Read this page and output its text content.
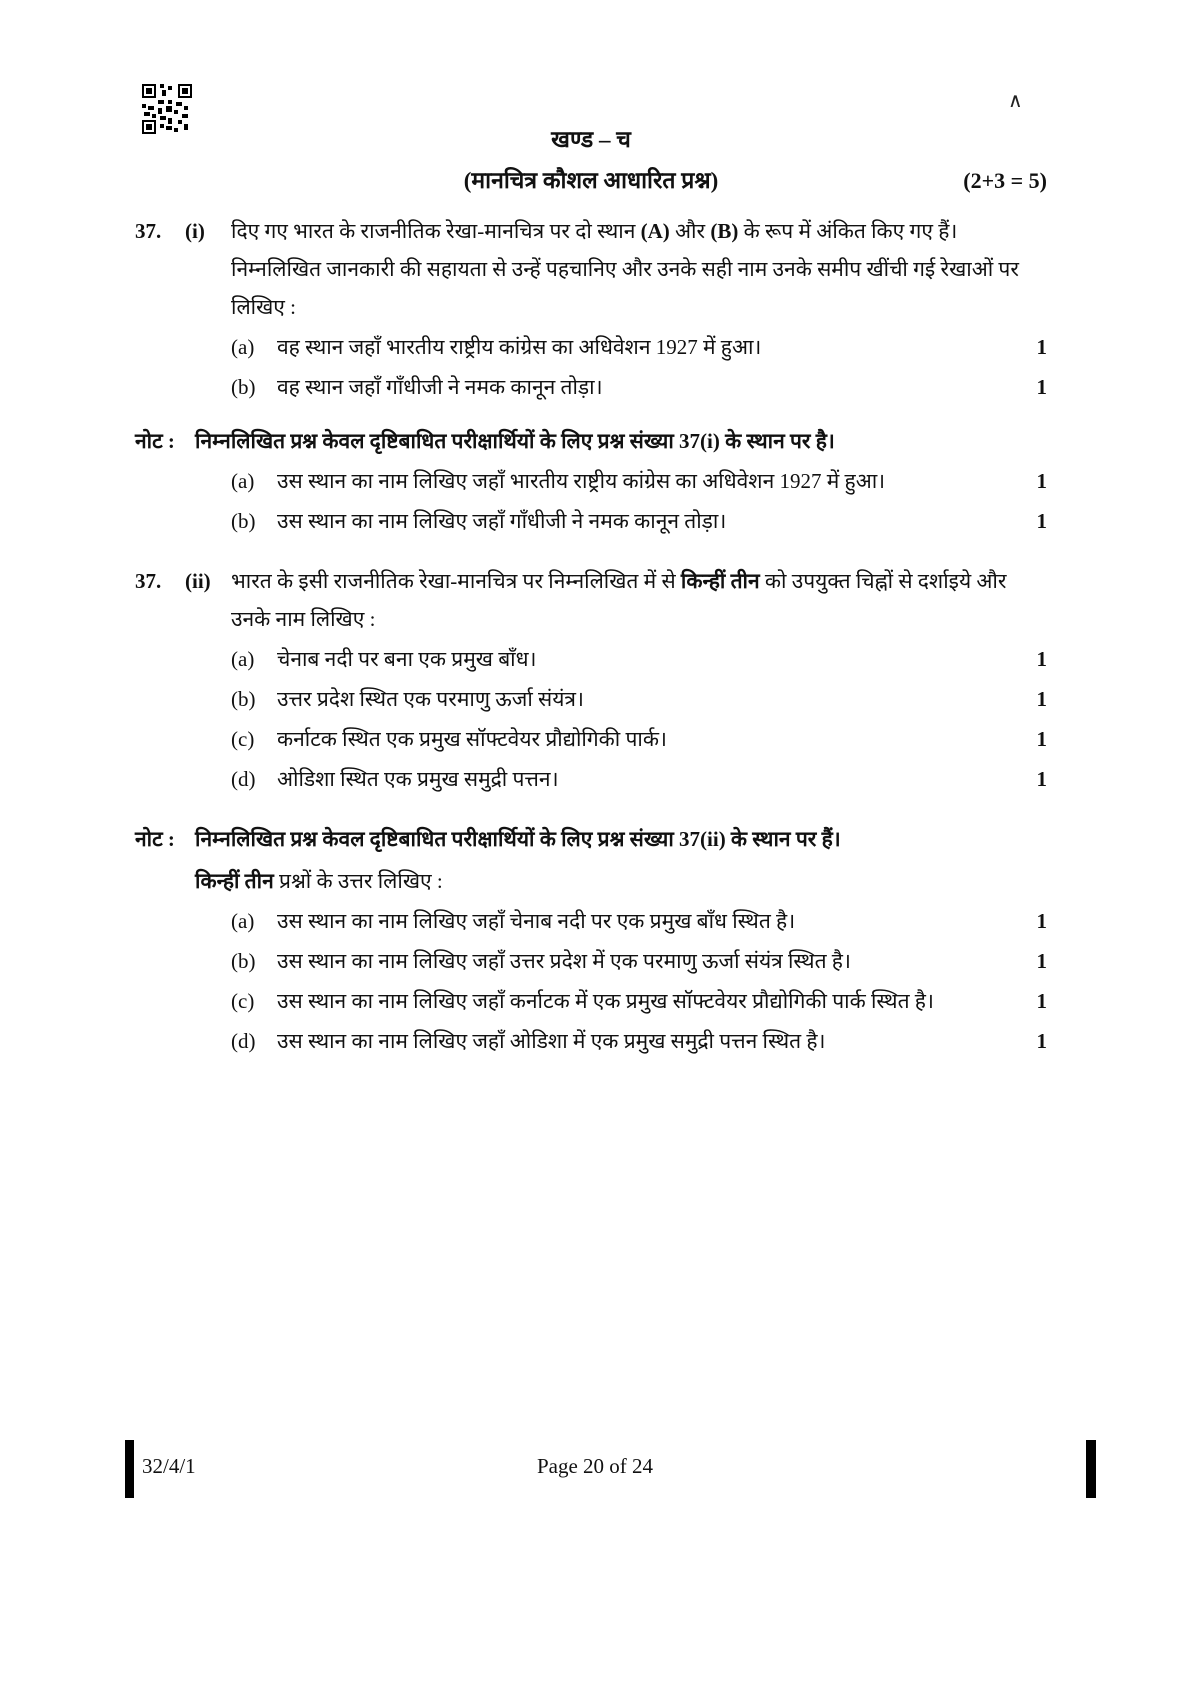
∧
खण्ड – च
(मानचित्र कौशल आधारित प्रश्न)	(2+3 = 5)
37.	(i)	दिए गए भारत के राजनीतिक रेखा-मानचित्र पर दो स्थान (A) और (B) के रूप में अंकित किए गए हैं। निम्नलिखित जानकारी की सहायता से उन्हें पहचानिए और उनके सही नाम उनके समीप खींची गई रेखाओं पर लिखिए :
(a)	वह स्थान जहाँ भारतीय राष्ट्रीय कांग्रेस का अधिवेशन 1927 में हुआ।	1
(b)	वह स्थान जहाँ गाँधीजी ने नमक कानून तोड़ा।	1
नोट : निम्नलिखित प्रश्न केवल दृष्टिबाधित परीक्षार्थियों के लिए प्रश्न संख्या 37(i) के स्थान पर है।
(a)	उस स्थान का नाम लिखिए जहाँ भारतीय राष्ट्रीय कांग्रेस का अधिवेशन 1927 में हुआ।	1
(b)	उस स्थान का नाम लिखिए जहाँ गाँधीजी ने नमक कानून तोड़ा।	1
37.	(ii) भारत के इसी राजनीतिक रेखा-मानचित्र पर निम्नलिखित में से किन्हीं तीन को उपयुक्त चिह्नों से दर्शाइये और उनके नाम लिखिए :
(a)	चेनाब नदी पर बना एक प्रमुख बाँध।	1
(b)	उत्तर प्रदेश स्थित एक परमाणु ऊर्जा संयंत्र।	1
(c)	कर्नाटक स्थित एक प्रमुख सॉफ्टवेयर प्रौद्योगिकी पार्क।	1
(d)	ओडिशा स्थित एक प्रमुख समुद्री पत्तन।	1
नोट : निम्नलिखित प्रश्न केवल दृष्टिबाधित परीक्षार्थियों के लिए प्रश्न संख्या 37(ii) के स्थान पर हैं।
किन्हीं तीन प्रश्नों के उत्तर लिखिए :
(a)	उस स्थान का नाम लिखिए जहाँ चेनाब नदी पर एक प्रमुख बाँध स्थित है।	1
(b)	उस स्थान का नाम लिखिए जहाँ उत्तर प्रदेश में एक परमाणु ऊर्जा संयंत्र स्थित है।	1
(c)	उस स्थान का नाम लिखिए जहाँ कर्नाटक में एक प्रमुख सॉफ्टवेयर प्रौद्योगिकी पार्क स्थित है।	1
(d)	उस स्थान का नाम लिखिए जहाँ ओडिशा में एक प्रमुख समुद्री पत्तन स्थित है।	1
32/4/1	Page 20 of 24
